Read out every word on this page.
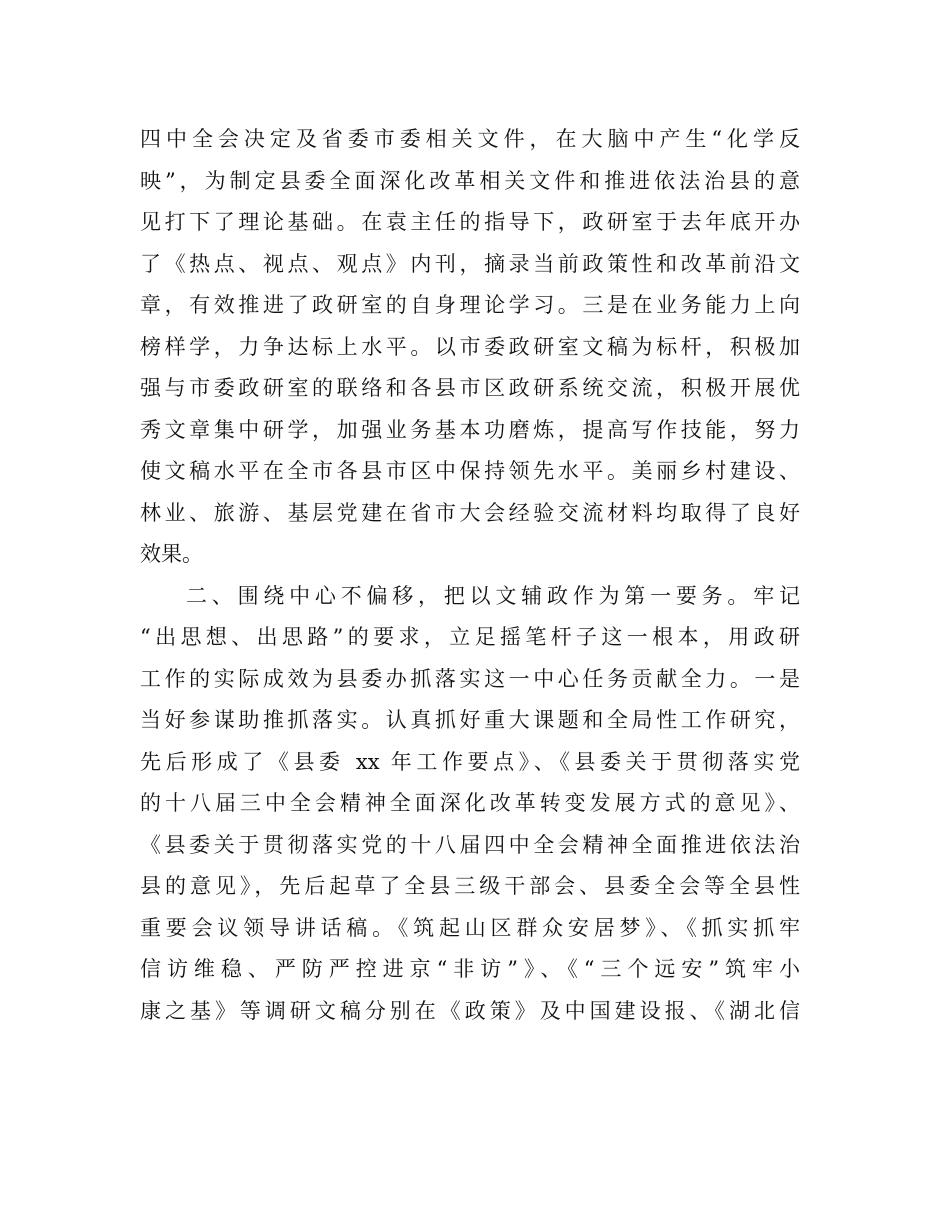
四中全会决定及省委市委相关文件，在大脑中产生“化学反
映”，为制定县委全面深化改革相关文件和推进依法治县的意
见打下了理论基础。在袁主任的指导下，政研室于去年底开办
了《热点、视点、观点》内刊，摘录当前政策性和改革前沿文
章，有效推进了政研室的自身理论学习。三是在业务能力上向
榜样学，力争达标上水平。以市委政研室文稿为标杆，积极加
强与市委政研室的联络和各县市区政研系统交流，积极开展优
秀文章集中研学，加强业务基本功磨炼，提高写作技能，努力
使文稿水平在全市各县市区中保持领先水平。美丽乡村建设、
林业、旅游、基层党建在省市大会经验交流材料均取得了良好
效果。
二、围绕中心不偏移，把以文辅政作为第一要务。牢记
“出思想、出思路”的要求，立足摇笔杆子这一根本，用政研
工作的实际成效为县委办抓落实这一中心任务贡献全力。一是
当好参谋助推抓落实。认真抓好重大课题和全局性工作研究，
先后形成了《县委 xx 年工作要点》、《县委关于贯彻落实党
的十八届三中全会精神全面深化改革转变发展方式的意见》、
《县委关于贯彻落实党的十八届四中全会精神全面推进依法治
县的意见》，先后起草了全县三级干部会、县委全会等全县性
重要会议领导讲话稿。《筑起山区群众安居梦》、《抓实抓牢
信访维稳、严防严控进京“非访”》、《“三个远安”筑牢小
康之基》等调研文稿分别在《政策》及中国建设报、《湖北信
